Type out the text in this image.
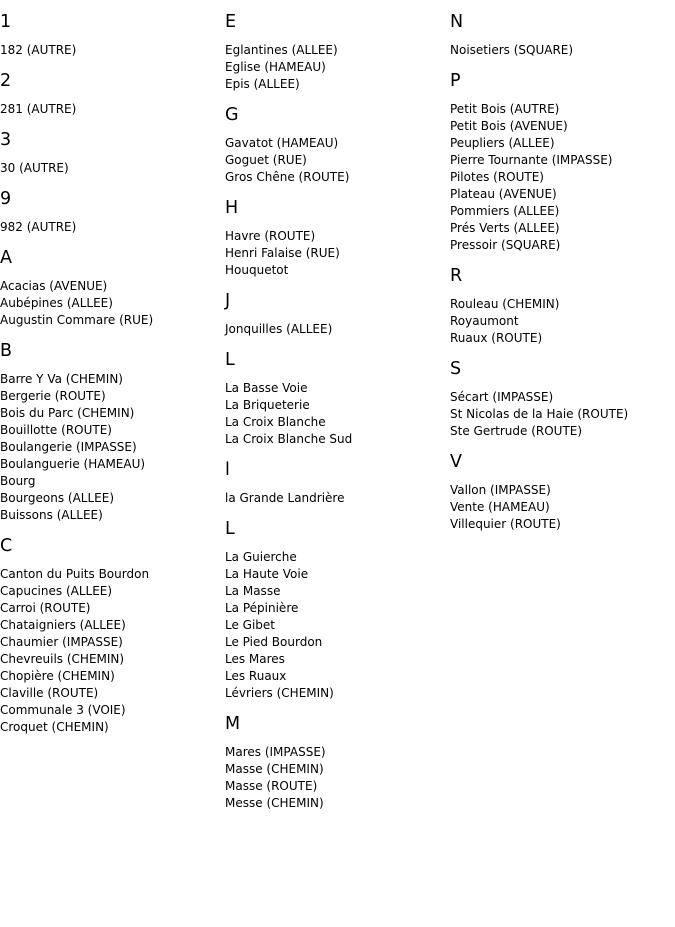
1
182 (AUTRE)
2
281 (AUTRE)
3
30 (AUTRE)
9
982 (AUTRE)
A
Acacias (AVENUE)
Aubépines (ALLEE)
Augustin Commare (RUE)
B
Barre Y Va (CHEMIN)
Bergerie (ROUTE)
Bois du Parc (CHEMIN)
Bouillotte (ROUTE)
Boulangerie (IMPASSE)
Boulanguerie (HAMEAU)
Bourg
Bourgeons (ALLEE)
Buissons (ALLEE)
C
Canton du Puits Bourdon
Capucines (ALLEE)
Carroi (ROUTE)
Chataigniers (ALLEE)
Chaumier (IMPASSE)
Chevreuils (CHEMIN)
Chopière (CHEMIN)
Claville (ROUTE)
Communale 3 (VOIE)
Croquet (CHEMIN)
E
Eglantines (ALLEE)
Eglise (HAMEAU)
Epis (ALLEE)
G
Gavatot (HAMEAU)
Goguet (RUE)
Gros Chêne (ROUTE)
H
Havre (ROUTE)
Henri Falaise (RUE)
Houquetot
J
Jonquilles (ALLEE)
L
La Basse Voie
La Briqueterie
La Croix Blanche
La Croix Blanche Sud
l
la Grande Landrière
L
La Guierche
La Haute Voie
La Masse
La Pépinière
Le Gibet
Le Pied Bourdon
Les Mares
Les Ruaux
Lévriers (CHEMIN)
M
Mares (IMPASSE)
Masse (CHEMIN)
Masse (ROUTE)
Messe (CHEMIN)
N
Noisetiers (SQUARE)
P
Petit Bois (AUTRE)
Petit Bois (AVENUE)
Peupliers (ALLEE)
Pierre Tournante (IMPASSE)
Pilotes (ROUTE)
Plateau (AVENUE)
Pommiers (ALLEE)
Prés Verts (ALLEE)
Pressoir (SQUARE)
R
Rouleau (CHEMIN)
Royaumont
Ruaux (ROUTE)
S
Sécart (IMPASSE)
St Nicolas de la Haie (ROUTE)
Ste Gertrude (ROUTE)
V
Vallon (IMPASSE)
Vente (HAMEAU)
Villequier (ROUTE)
